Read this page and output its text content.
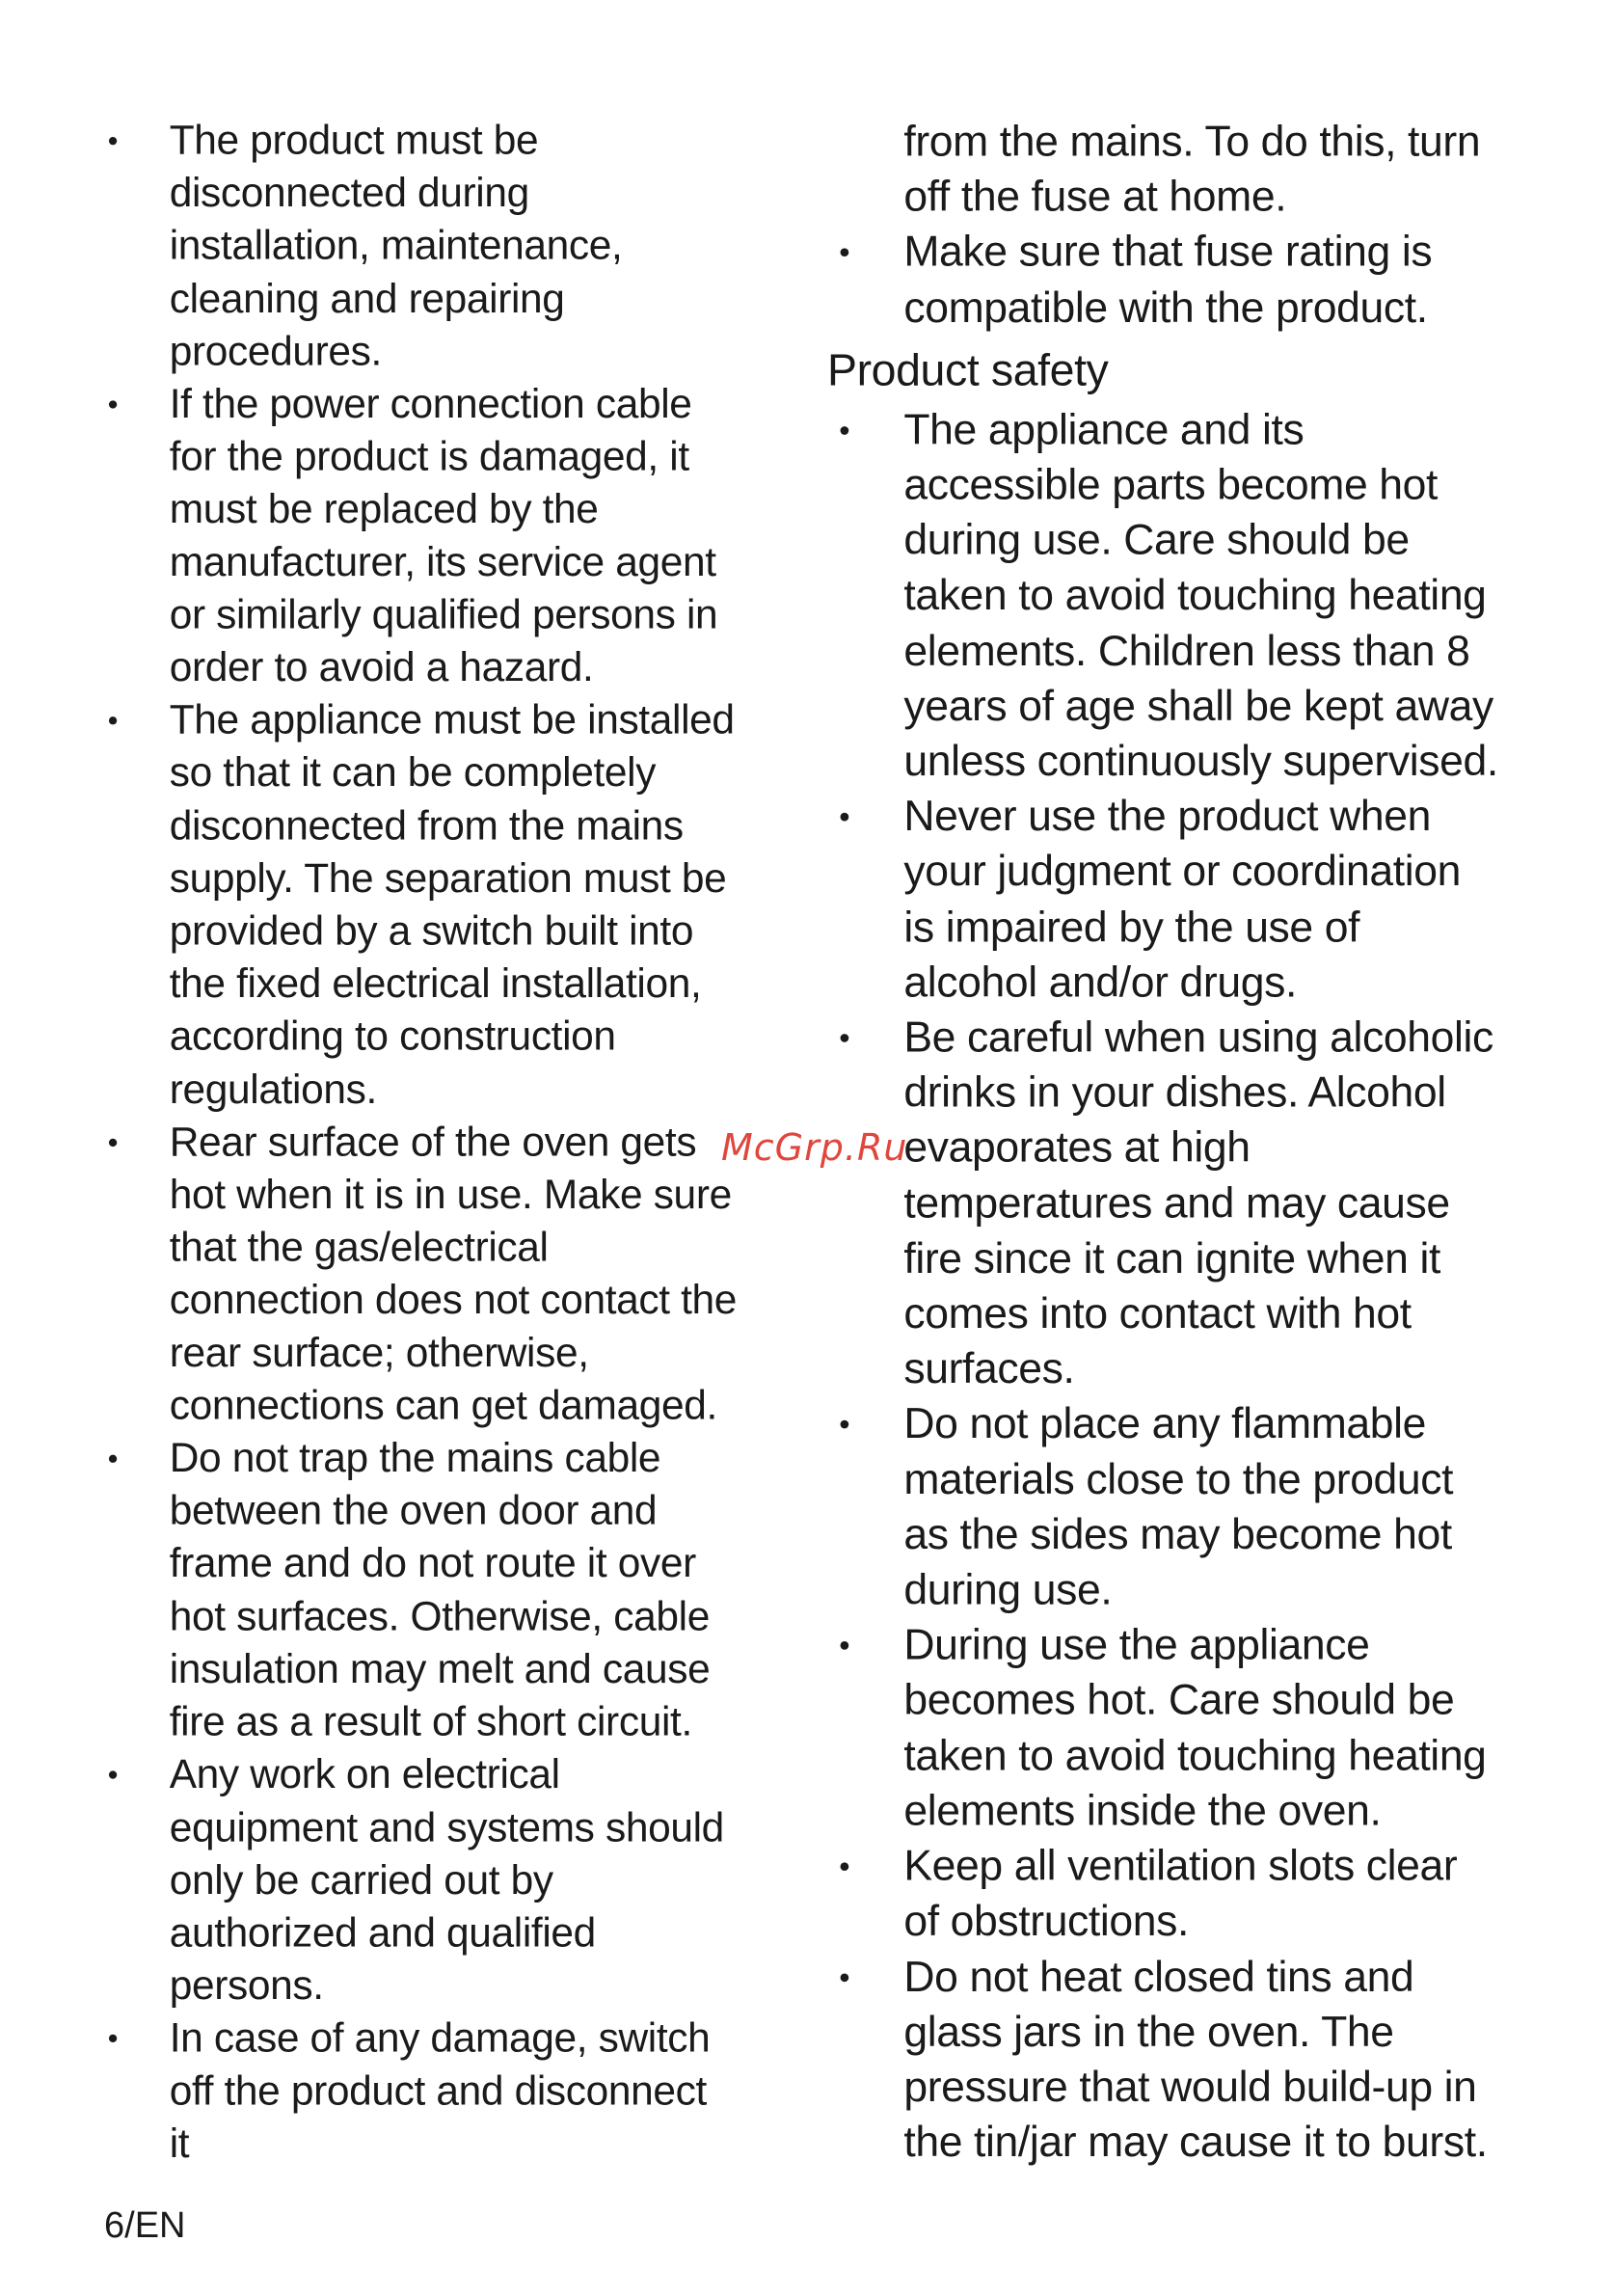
The product must be disconnected during installation, maintenance, cleaning and repairing procedures.
If the power connection cable for the product is damaged, it must be replaced by the manufacturer, its service agent or similarly qualified persons in order to avoid a hazard.
The appliance must be installed so that it can be completely disconnected from the mains supply. The separation must be provided by a switch built into the fixed electrical installation, according to construction regulations.
Rear surface of the oven gets hot when it is in use. Make sure that the gas/electrical connection does not contact the rear surface; otherwise, connections can get damaged.
Do not trap the mains cable between the oven door and frame and do not route it over hot surfaces. Otherwise, cable insulation may melt and cause fire as a result of short circuit.
Any work on electrical equipment and systems should only be carried out by authorized and qualified persons.
In case of any damage, switch off the product and disconnect it

from the mains. To do this, turn off the fuse at home.

Make sure that fuse rating is compatible with the product.
Product safety
The appliance and its accessible parts become hot during use. Care should be taken to avoid touching heating elements. Children less than 8 years of age shall be kept away unless continuously supervised.
Never use the product when your judgment or coordination is impaired by the use of alcohol and/or drugs.
Be careful when using alcoholic drinks in your dishes. Alcohol evaporates at high temperatures and may cause fire since it can ignite when it comes into contact with hot surfaces.
Do not place any flammable materials close to the product as the sides may become hot during use.
During use the appliance becomes hot. Care should be taken to avoid touching heating elements inside the oven.
Keep all ventilation slots clear of obstructions.
Do not heat closed tins and glass jars in the oven. The pressure that would build-up in the tin/jar may cause it to burst.
McGrp.Ru
6/EN
